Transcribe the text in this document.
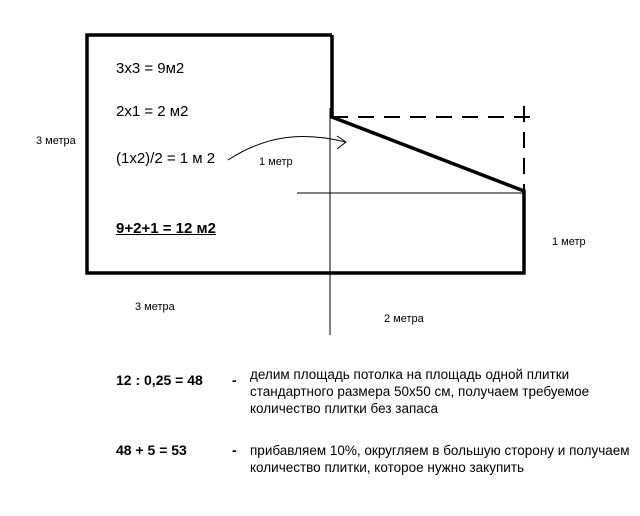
3x3 = 9м2
2x1 = 2 м2
(1x2)/2 = 1 м 2
9+2+1 = 12 м2
3 метра
3 метра
2 метра
1 метр
1 метр
12 : 0,25 = 48 - делим площадь потолка на площадь одной плитки стандартного размера 50х50 см, получаем требуемое количество плитки без запаса
48 + 5 = 53	- прибавляем 10%, округляем в большую сторону и получаем количество плитки, которое нужно закупить
